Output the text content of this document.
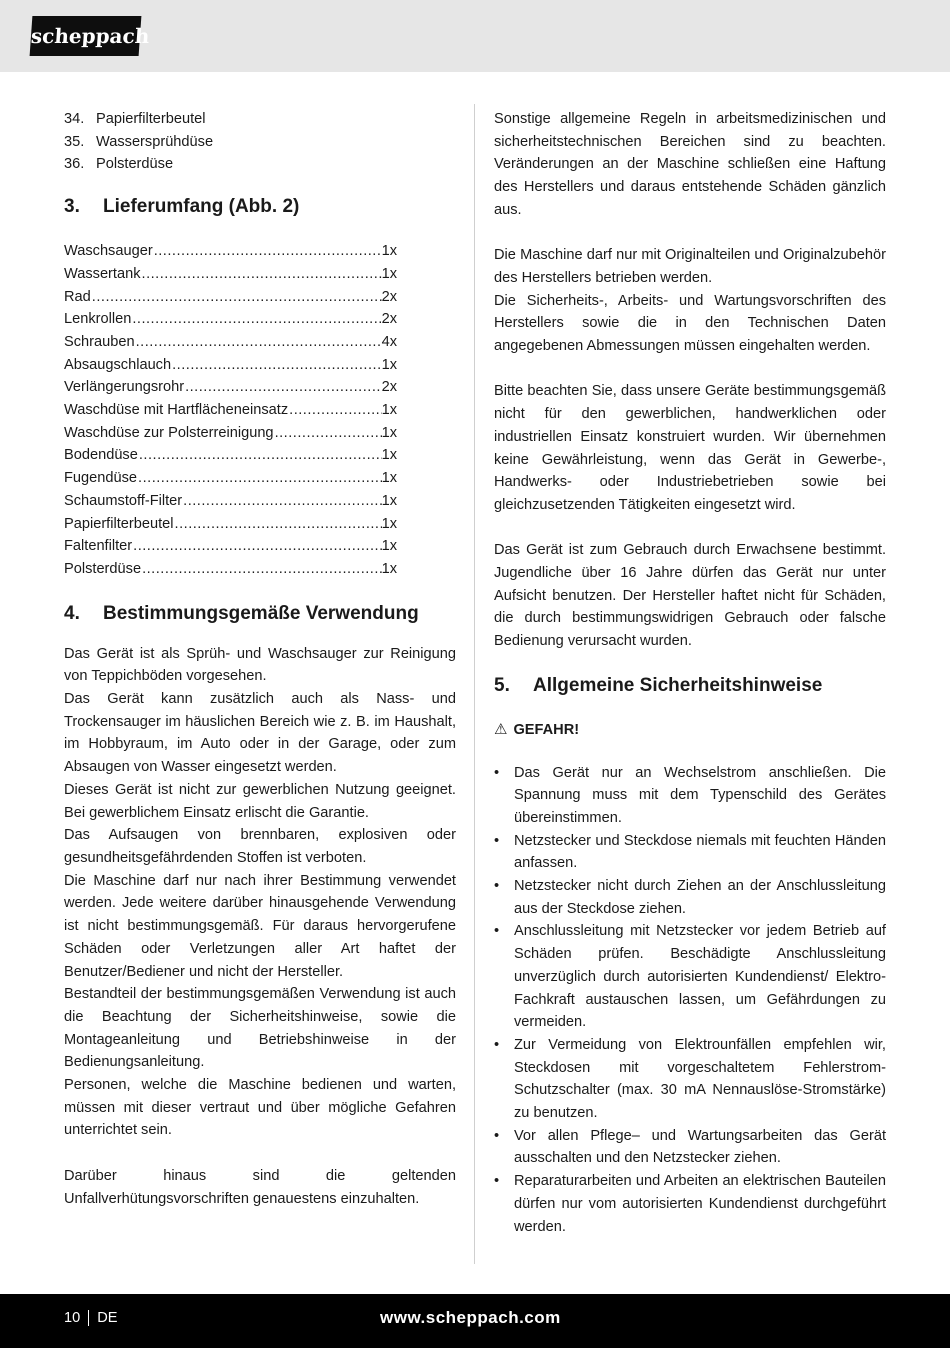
scheppach
34. Papierfilterbeutel
35. Wassersprühdüse
36. Polsterdüse
3.	Lieferumfang (Abb. 2)
Waschsauger .....	1x
Wassertank .....	1x
Rad .....	2x
Lenkrollen .....	2x
Schrauben .....	4x
Absaugschlauch .....	1x
Verlängerungsrohr .....	2x
Waschdüse mit Hartflächeneinsatz .....	1x
Waschdüse zur Polsterreinigung .....	1x
Bodendüse .....	1x
Fugendüse .....	1x
Schaumstoff-Filter .....	1x
Papierfilterbeutel .....	1x
Faltenfilter .....	1x
Polsterdüse .....	1x
4.	Bestimmungsgemäße Verwendung

Das Gerät ist als Sprüh- und Waschsauger zur Reinigung von Teppichböden vorgesehen.

Das Gerät kann zusätzlich auch als Nass- und Trockensauger im häuslichen Bereich wie z. B. im Haushalt, im Hobbyraum, im Auto oder in der Garage, oder zum Absaugen von Wasser eingesetzt werden.

Dieses Gerät ist nicht zur gewerblichen Nutzung geeignet. Bei gewerblichem Einsatz erlischt die Garantie.

Das Aufsaugen von brennbaren, explosiven oder gesundheitsgefährdenden Stoffen ist verboten.

Die Maschine darf nur nach ihrer Bestimmung verwendet werden. Jede weitere darüber hinausgehende Verwendung ist nicht bestimmungsgemäß. Für daraus hervorgerufene Schäden oder Verletzungen aller Art haftet der Benutzer/Bediener und nicht der Hersteller.

Bestandteil der bestimmungsgemäßen Verwendung ist auch die Beachtung der Sicherheitshinweise, sowie die Montageanleitung und Betriebshinweise in der Bedienungsanleitung.

Personen, welche die Maschine bedienen und warten, müssen mit dieser vertraut und über mögliche Gefahren unterrichtet sein.

Darüber hinaus sind die geltenden Unfallverhütungsvorschriften genauestens einzuhalten.

Sonstige allgemeine Regeln in arbeitsmedizinischen und sicherheitstechnischen Bereichen sind zu beachten. Veränderungen an der Maschine schließen eine Haftung des Herstellers und daraus entstehende Schäden gänzlich aus.

Die Maschine darf nur mit Originalteilen und Originalzubehör des Herstellers betrieben werden.

Die Sicherheits-, Arbeits- und Wartungsvorschriften des Herstellers sowie die in den Technischen Daten angegebenen Abmessungen müssen eingehalten werden.

Bitte beachten Sie, dass unsere Geräte bestimmungsgemäß nicht für den gewerblichen, handwerklichen oder industriellen Einsatz konstruiert wurden. Wir übernehmen keine Gewährleistung, wenn das Gerät in Gewerbe-, Handwerks- oder Industriebetrieben sowie bei gleichzusetzenden Tätigkeiten eingesetzt wird.

Das Gerät ist zum Gebrauch durch Erwachsene bestimmt. Jugendliche über 16 Jahre dürfen das Gerät nur unter Aufsicht benutzen. Der Hersteller haftet nicht für Schäden, die durch bestimmungswidrigen Gebrauch oder falsche Bedienung verursacht wurden.

5.	Allgemeine Sicherheitshinweise
⚠ GEFAHR!
• Das Gerät nur an Wechselstrom anschließen. Die Spannung muss mit dem Typenschild des Gerätes übereinstimmen.
• Netzstecker und Steckdose niemals mit feuchten Händen anfassen.
• Netzstecker nicht durch Ziehen an der Anschlussleitung aus der Steckdose ziehen.
• Anschlussleitung mit Netzstecker vor jedem Betrieb auf Schäden prüfen. Beschädigte Anschlussleitung unverzüglich durch autorisierten Kundendienst/ Elektro-Fachkraft austauschen lassen, um Gefährdungen zu vermeiden.
• Zur Vermeidung von Elektrounfällen empfehlen wir, Steckdosen mit vorgeschaltetem Fehlerstrom-Schutzschalter (max. 30 mA Nennauslöse-Stromstärke) zu benutzen.
• Vor allen Pflege– und Wartungsarbeiten das Gerät ausschalten und den Netzstecker ziehen.
• Reparaturarbeiten und Arbeiten an elektrischen Bauteilen dürfen nur vom autorisierten Kundendienst durchgeführt werden.
10 DE	www.scheppach.com
